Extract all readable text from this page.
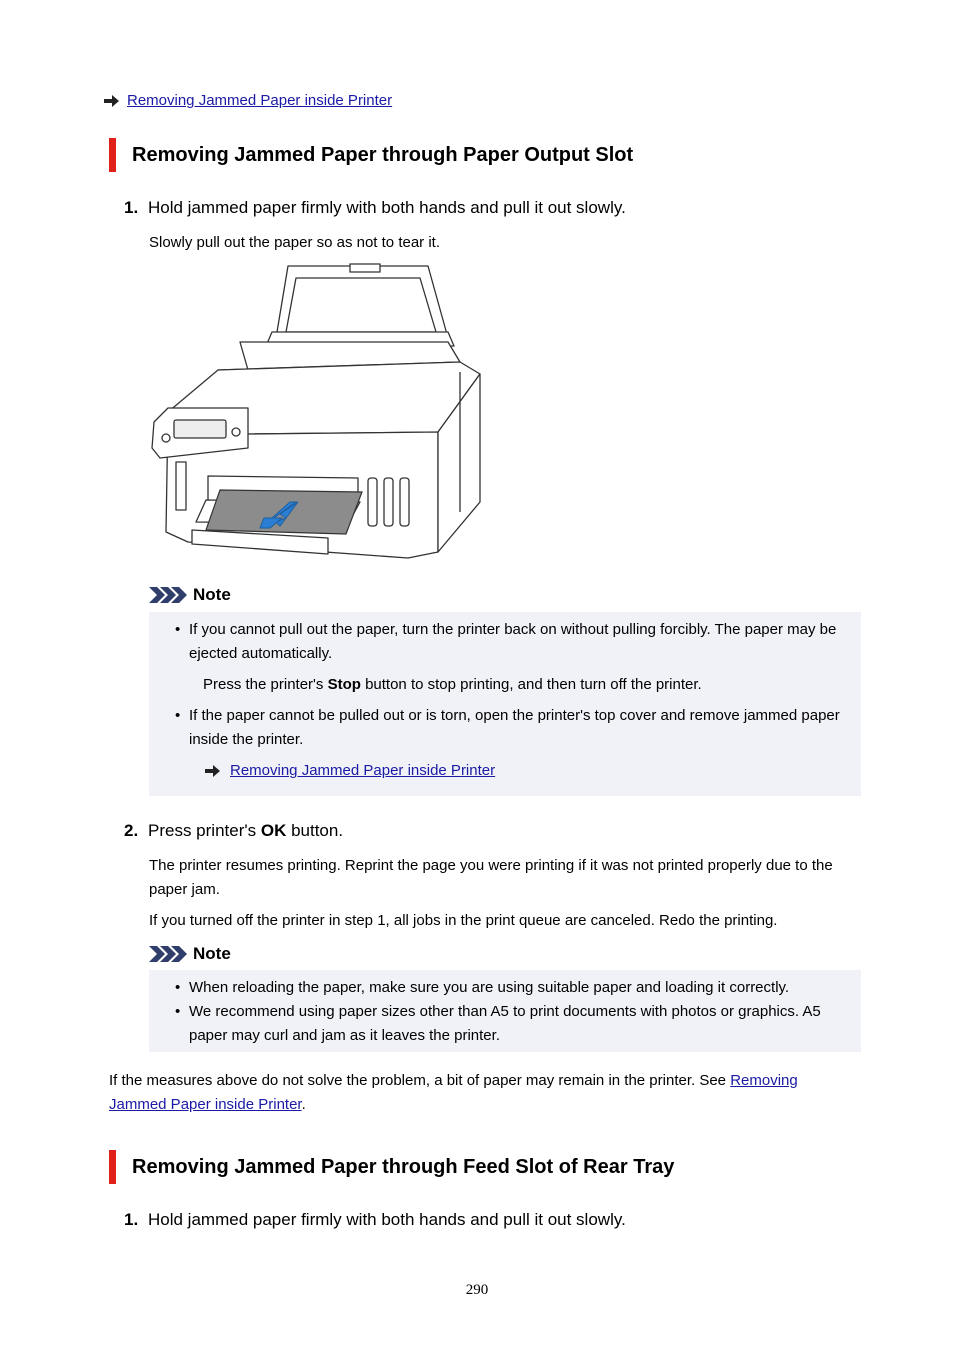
Removing Jammed Paper inside Printer
Removing Jammed Paper through Paper Output Slot
1. Hold jammed paper firmly with both hands and pull it out slowly.
Slowly pull out the paper so as not to tear it.
Note
• If you cannot pull out the paper, turn the printer back on without pulling forcibly. The paper may be ejected automatically.
Press the printer's Stop button to stop printing, and then turn off the printer.
• If the paper cannot be pulled out or is torn, open the printer's top cover and remove jammed paper inside the printer.
Removing Jammed Paper inside Printer
2. Press printer's OK button.
The printer resumes printing. Reprint the page you were printing if it was not printed properly due to the paper jam.
If you turned off the printer in step 1, all jobs in the print queue are canceled. Redo the printing.
Note
• When reloading the paper, make sure you are using suitable paper and loading it correctly.
• We recommend using paper sizes other than A5 to print documents with photos or graphics. A5 paper may curl and jam as it leaves the printer.
If the measures above do not solve the problem, a bit of paper may remain in the printer. See Removing Jammed Paper inside Printer.
Removing Jammed Paper through Feed Slot of Rear Tray
1. Hold jammed paper firmly with both hands and pull it out slowly.
290
